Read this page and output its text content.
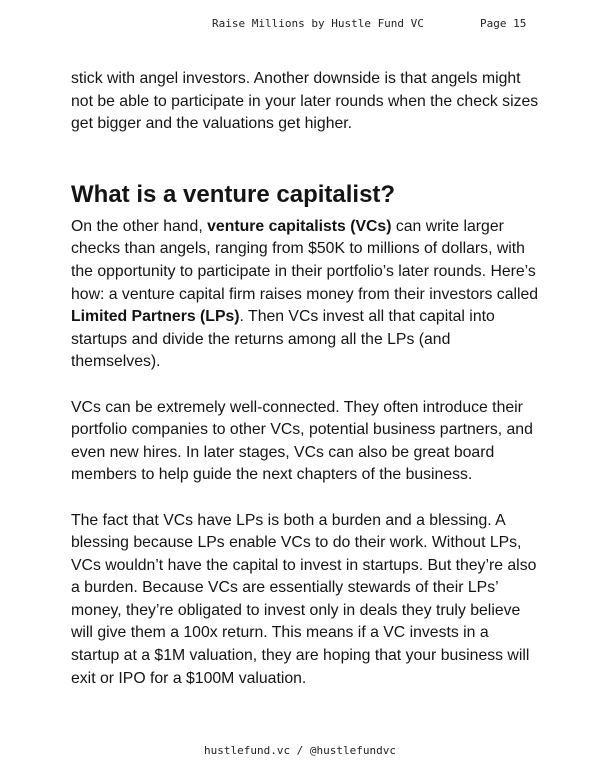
Raise Millions by Hustle Fund VC	Page 15

stick with angel investors. Another downside is that angels might not be able to participate in your later rounds when the check sizes get bigger and the valuations get higher.

What is a venture capitalist?

On the other hand, venture capitalists (VCs) can write larger checks than angels, ranging from $50K to millions of dollars, with the opportunity to participate in their portfolio’s later rounds. Here’s how: a venture capital firm raises money from their investors called Limited Partners (LPs). Then VCs invest all that capital into startups and divide the returns among all the LPs (and themselves).

VCs can be extremely well-connected. They often introduce their portfolio companies to other VCs, potential business partners, and even new hires. In later stages, VCs can also be great board members to help guide the next chapters of the business.

The fact that VCs have LPs is both a burden and a blessing. A blessing because LPs enable VCs to do their work. Without LPs, VCs wouldn’t have the capital to invest in startups. But they’re also a burden. Because VCs are essentially stewards of their LPs’ money, they’re obligated to invest only in deals they truly believe will give them a 100x return. This means if a VC invests in a startup at a $1M valuation, they are hoping that your business will exit or IPO for a $100M valuation.

hustlefund.vc / @hustlefundvc
